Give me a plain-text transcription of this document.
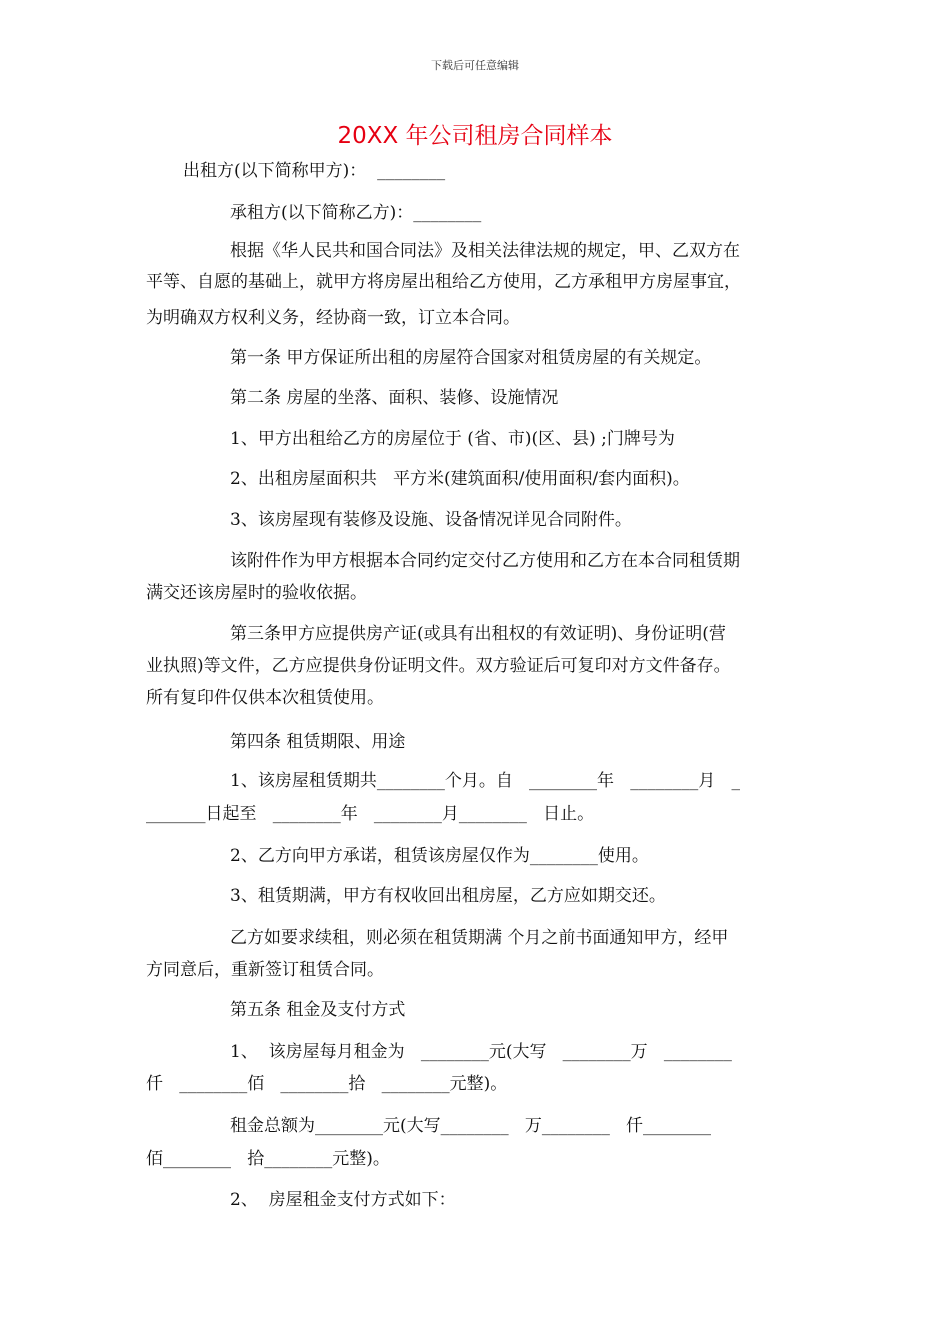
下载后可任意编辑
20XX 年公司租房合同样本
出租方(以下简称甲方)：  ________
承租方(以下简称乙方)：________
根据《华人民共和国合同法》及相关法律法规的规定，甲、乙双方在
平等、自愿的基础上，就甲方将房屋出租给乙方使用，乙方承租甲方房屋事宜，
为明确双方权利义务，经协商一致，订立本合同。
第一条 甲方保证所出租的房屋符合国家对租赁房屋的有关规定。
第二条 房屋的坐落、面积、装修、设施情况
1、甲方出租给乙方的房屋位于 (省、市)(区、县) ;门牌号为
2、出租房屋面积共   平方米(建筑面积/使用面积/套内面积)。
3、该房屋现有装修及设施、设备情况详见合同附件。
该附件作为甲方根据本合同约定交付乙方使用和乙方在本合同租赁期
满交还该房屋时的验收依据。
第三条甲方应提供房产证(或具有出租权的有效证明)、身份证明(营
业执照)等文件，乙方应提供身份证明文件。双方验证后可复印对方文件备存。
所有复印件仅供本次租赁使用。
第四条 租赁期限、用途
1、该房屋租赁期共________个月。自   ________年   ________月   _
_______日起至   ________年   ________月________   日止。
2、乙方向甲方承诺，租赁该房屋仅作为________使用。
3、租赁期满，甲方有权收回出租房屋，乙方应如期交还。
乙方如要求续租，则必须在租赁期满 个月之前书面通知甲方，经甲
方同意后，重新签订租赁合同。
第五条 租金及支付方式
1、  该房屋每月租金为   ________元(大写   ________万   ________
仟   ________佰   ________拾   ________元整)。
租金总额为________元(大写________   万________   仟________
佰________   拾________元整)。
2、  房屋租金支付方式如下：
